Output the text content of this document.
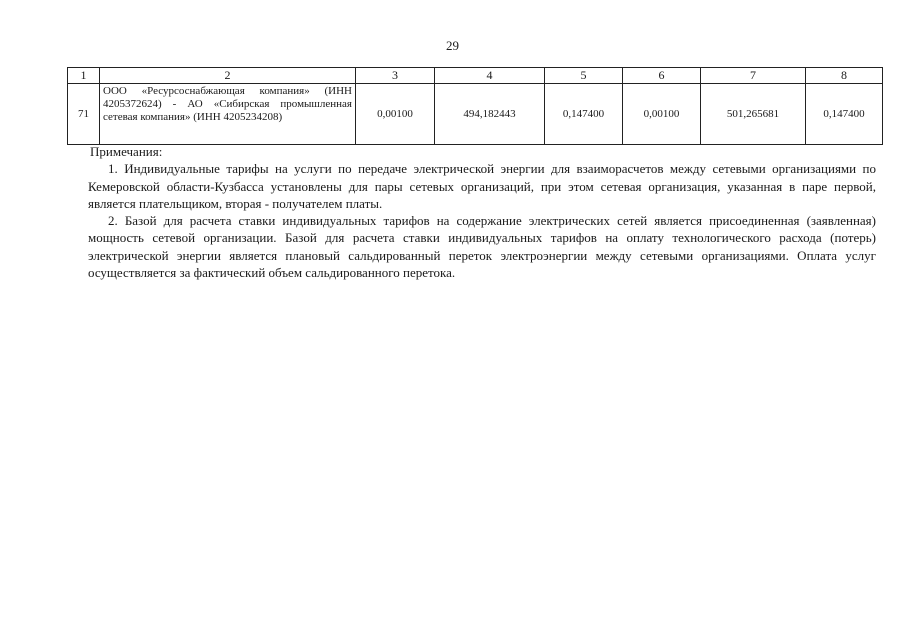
29
1	2	3	4	5	6	7	8
71	ООО «Ресурсоснабжающая компания» (ИНН 4205372624) - АО «Сибирская промышленная сетевая компания» (ИНН 4205234208)	0,00100	494,182443	0,147400	0,00100	501,265681	0,147400

Примечания:

1. Индивидуальные тарифы на услуги по передаче электрической энергии для взаиморасчетов между сетевыми организациями по Кемеровской области-Кузбасса установлены для пары сетевых организаций, при этом сетевая организация, указанная в паре первой, является плательщиком, вторая - получателем платы.

2. Базой для расчета ставки индивидуальных тарифов на содержание электрических сетей является присоединенная (заявленная) мощность сетевой организации. Базой для расчета ставки индивидуальных тарифов на оплату технологического расхода (потерь) электрической энергии является плановый сальдированный переток электроэнергии между сетевыми организациями. Оплата услуг осуществляется за фактический объем сальдированного перетока.
